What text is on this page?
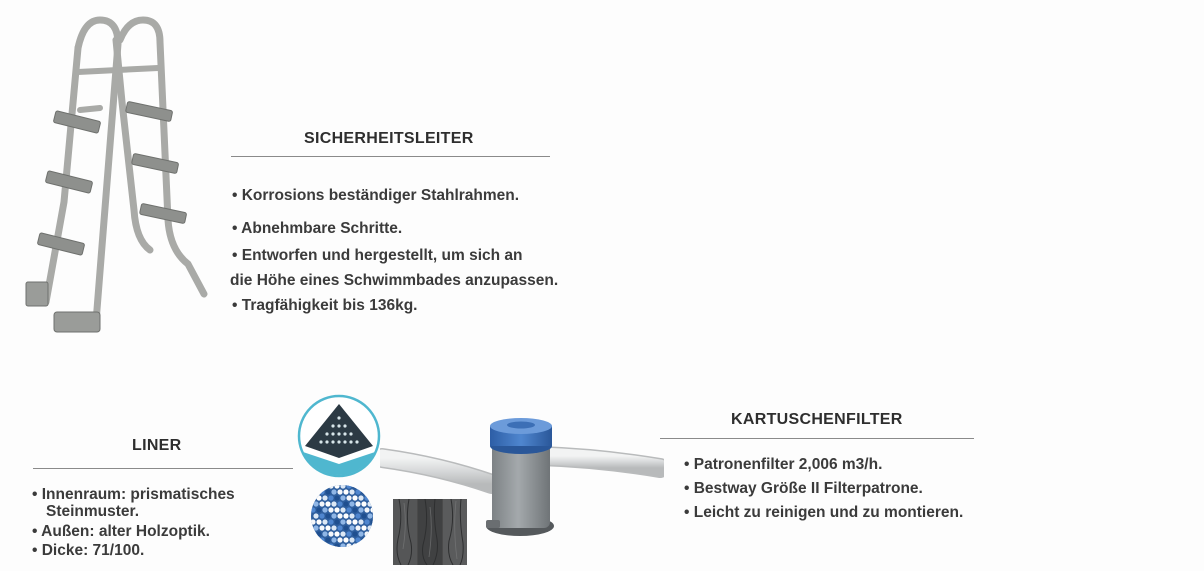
SICHERHEITSLEITER
• Korrosions beständiger Stahlrahmen.
• Abnehmbare Schritte.
• Entworfen und hergestellt, um sich an
die Höhe eines Schwimmbades anzupassen.
• Tragfähigkeit bis 136kg.
LINER
• Innenraum: prismatisches
Steinmuster.
• Außen: alter Holzoptik.
• Dicke: 71/100.
KARTUSCHENFILTER
• Patronenfilter 2,006 m3/h.
• Bestway Größe II Filterpatrone.
• Leicht zu reinigen und zu montieren.
